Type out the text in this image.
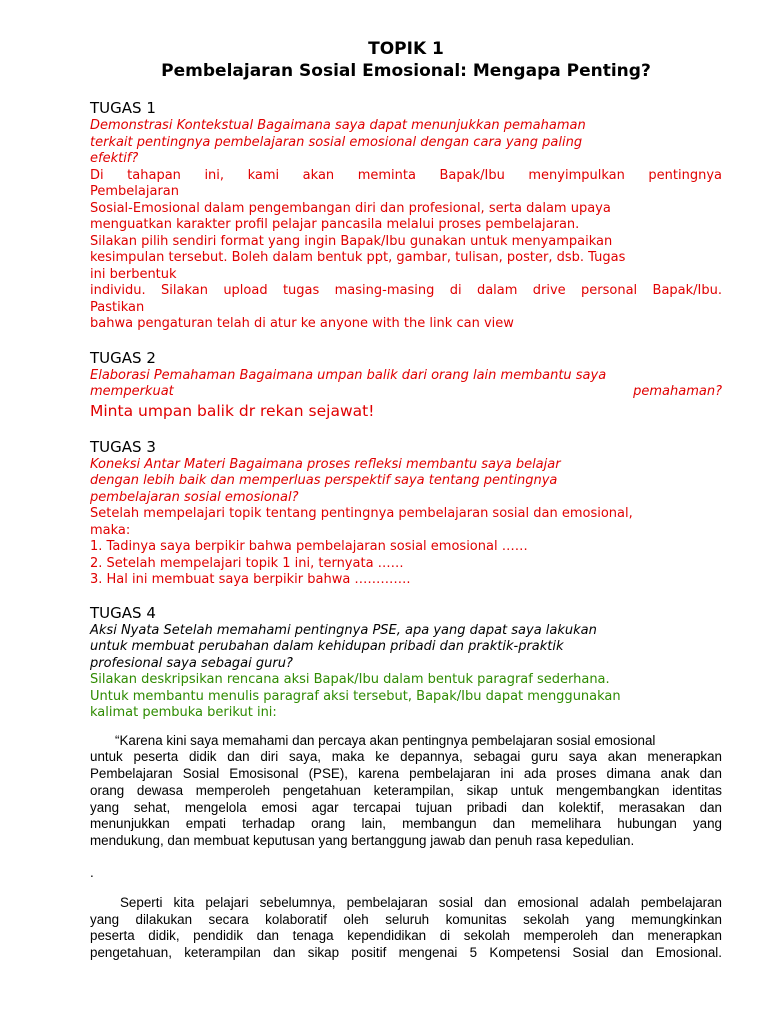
TOPIK 1

Pembelajaran Sosial Emosional: Mengapa Penting?

TUGAS 1

Demonstrasi Kontekstual Bagaimana saya dapat menunjukkan pemahaman

terkait pentingnya pembelajaran sosial emosional dengan cara yang paling

efektif?

Di tahapan ini, kami akan meminta Bapak/Ibu menyimpulkan pentingnya

Pembelajaran

Sosial-Emosional dalam pengembangan diri dan profesional, serta dalam upaya

menguatkan karakter profil pelajar pancasila melalui proses pembelajaran.

Silakan pilih sendiri format yang ingin Bapak/Ibu gunakan untuk menyampaikan

kesimpulan tersebut. Boleh dalam bentuk ppt, gambar, tulisan, poster, dsb. Tugas

ini berbentuk

individu. Silakan upload tugas masing-masing di dalam drive personal Bapak/Ibu.

Pastikan

bahwa pengaturan telah di atur ke anyone with the link can view

TUGAS 2

Elaborasi Pemahaman Bagaimana umpan balik dari orang lain membantu saya

memperkuat	pemahaman?

Minta umpan balik dr rekan sejawat!

TUGAS 3

Koneksi Antar Materi Bagaimana proses refleksi membantu saya belajar

dengan lebih baik dan memperluas perspektif saya tentang pentingnya

pembelajaran sosial emosional?

Setelah mempelajari topik tentang pentingnya pembelajaran sosial dan emosional,

maka:

1. Tadinya saya berpikir bahwa pembelajaran sosial emosional ……

2. Setelah mempelajari topik 1 ini, ternyata ……

3. Hal ini membuat saya berpikir bahwa ………….

TUGAS 4

Aksi Nyata Setelah memahami pentingnya PSE, apa yang dapat saya lakukan

untuk membuat perubahan dalam kehidupan pribadi dan praktik-praktik

profesional saya sebagai guru?

Silakan deskripsikan rencana aksi Bapak/Ibu dalam bentuk paragraf sederhana.

Untuk membantu menulis paragraf aksi tersebut, Bapak/Ibu dapat menggunakan

kalimat pembuka berikut ini:

“Karena kini saya memahami dan percaya akan pentingnya pembelajaran sosial emosional

untuk peserta didik dan diri saya, maka ke depannya, sebagai guru saya akan menerapkan

Pembelajaran Sosial Emosisonal (PSE), karena pembelajaran ini ada proses dimana anak dan

orang dewasa memperoleh pengetahuan keterampilan, sikap untuk mengembangkan identitas

yang sehat, mengelola emosi agar tercapai tujuan pribadi dan kolektif, merasakan dan

menunjukkan empati terhadap orang lain, membangun dan memelihara hubungan yang

mendukung, dan membuat keputusan yang bertanggung jawab dan penuh rasa kepedulian.

.

Seperti kita pelajari sebelumnya, pembelajaran sosial dan emosional adalah pembelajaran

yang dilakukan secara kolaboratif oleh seluruh komunitas sekolah yang memungkinkan

peserta didik, pendidik dan tenaga kependidikan di sekolah memperoleh dan menerapkan

pengetahuan, keterampilan dan sikap positif mengenai 5 Kompetensi Sosial dan Emosional.
